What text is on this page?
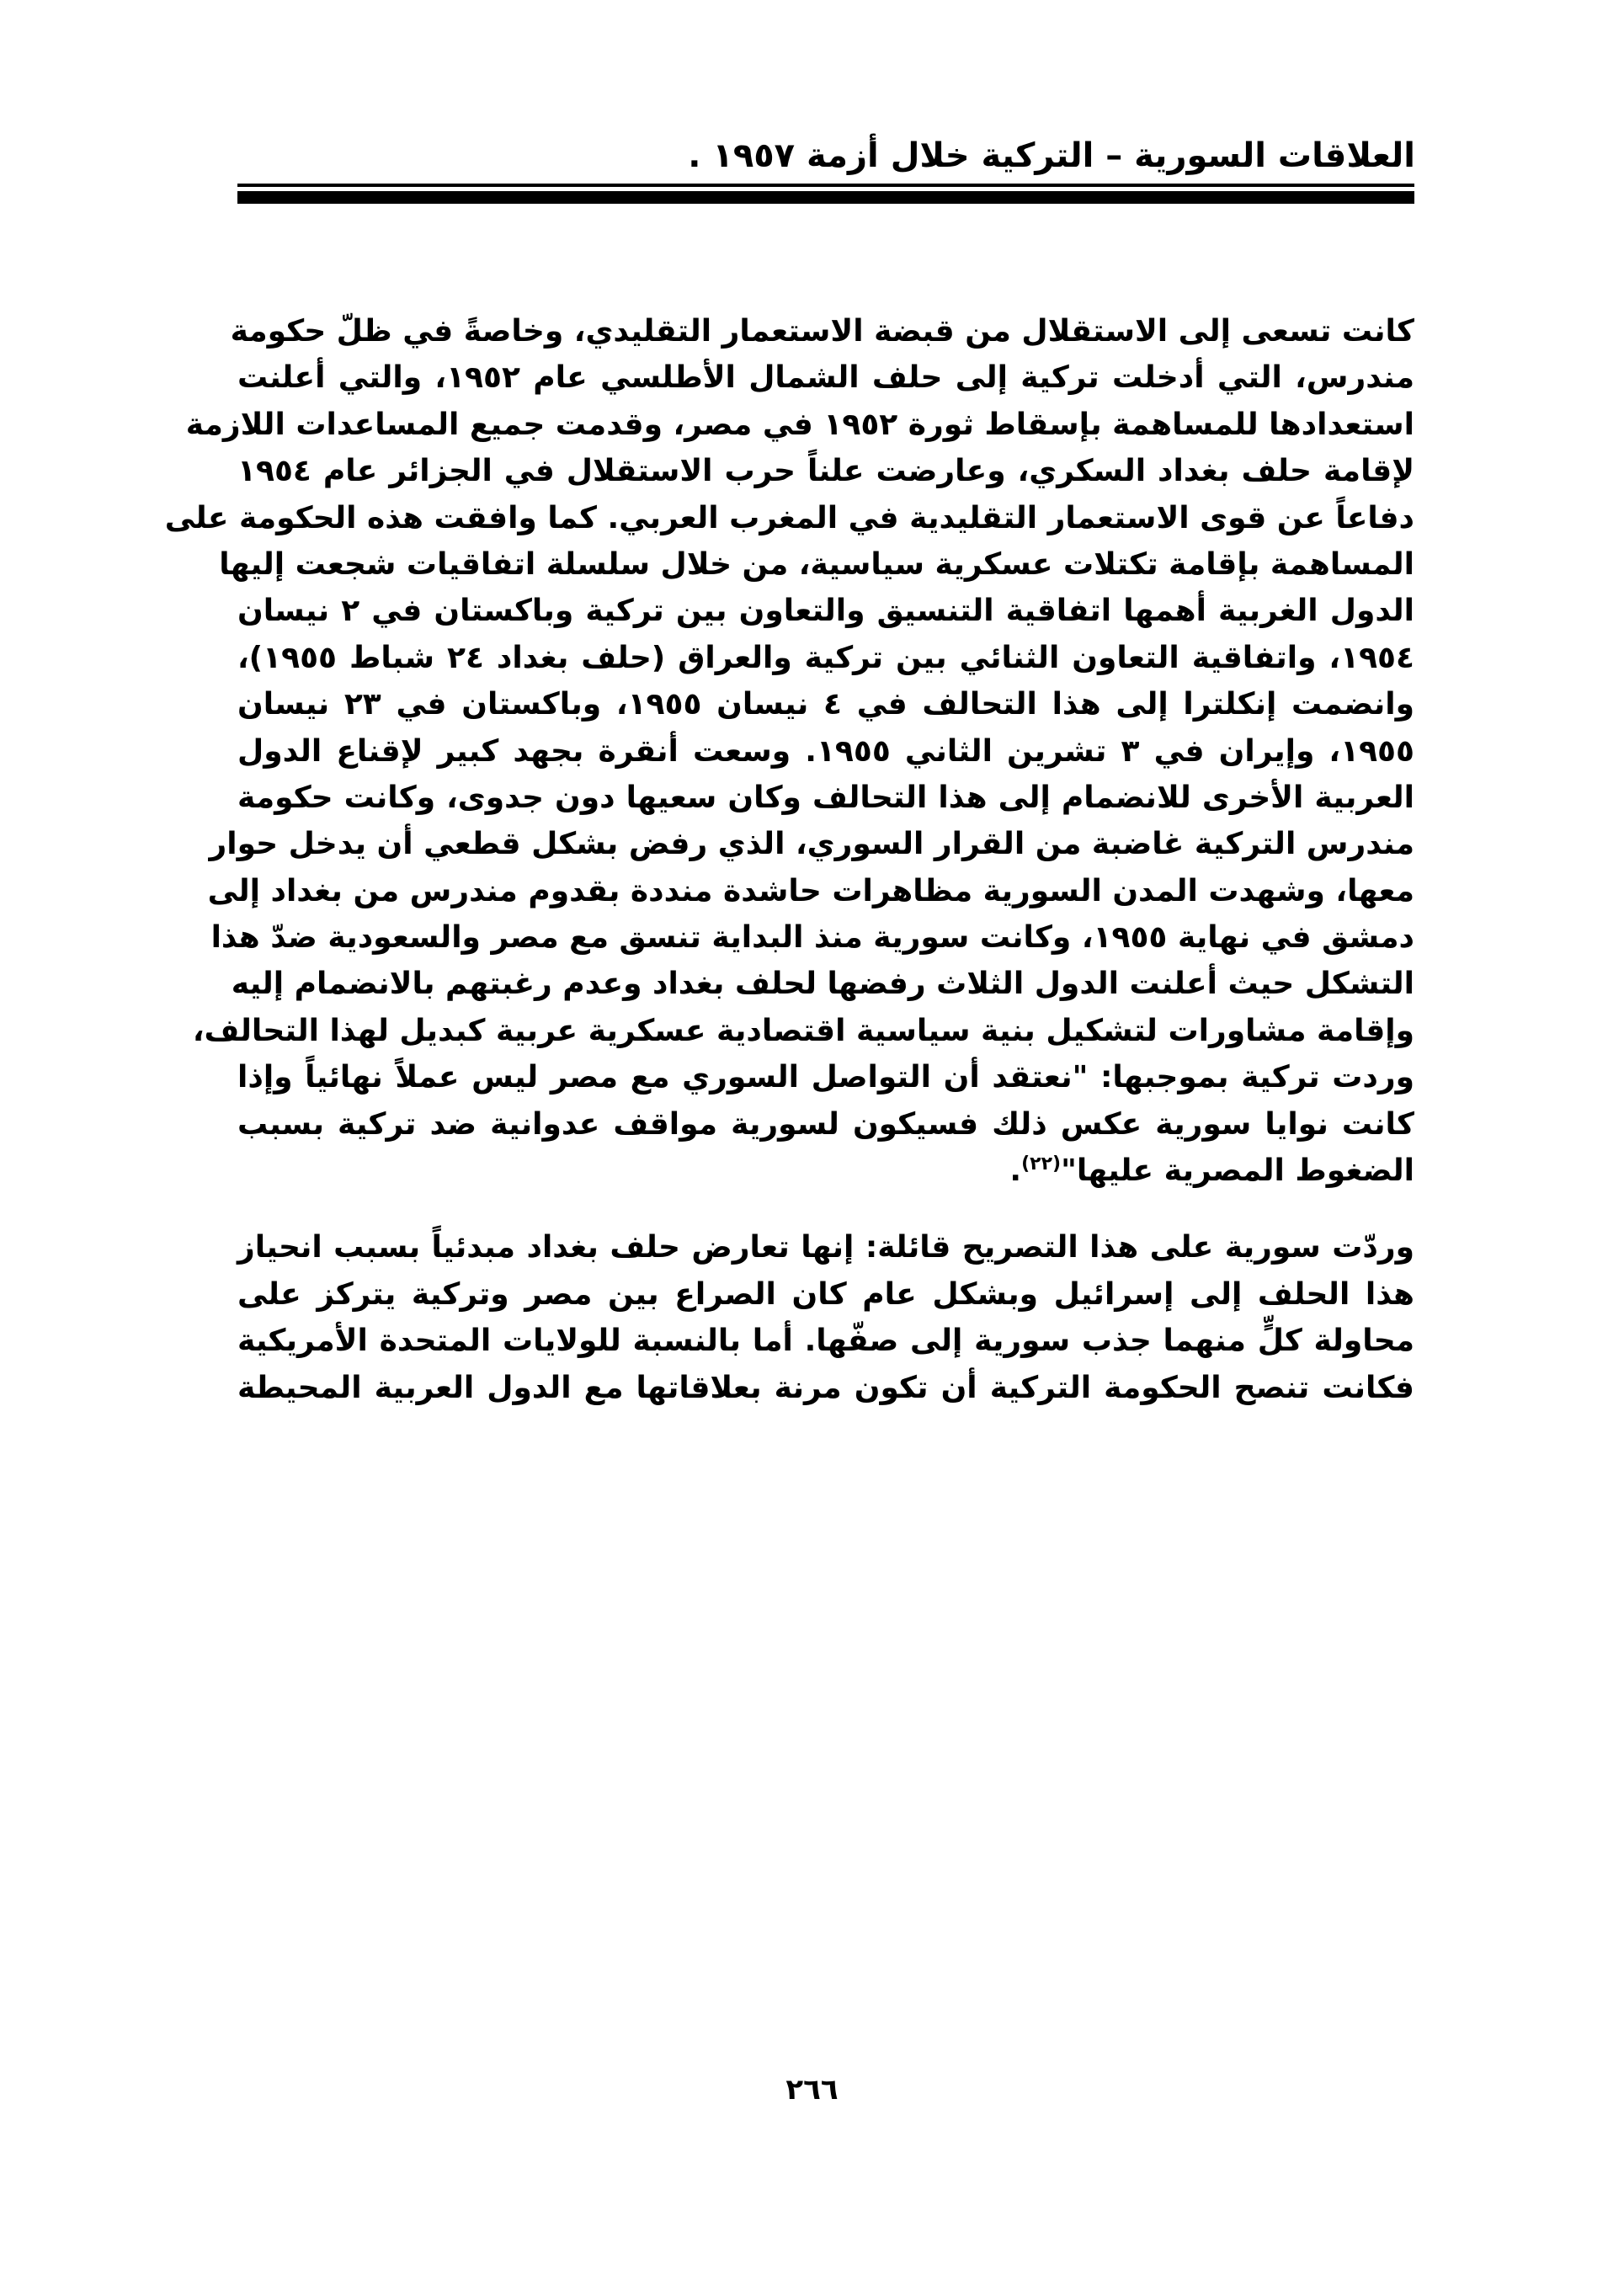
العلاقات السورية – التركية خلال أزمة ١٩٥٧ .
كانت تسعى إلى الاستقلال من قبضة الاستعمار التقليدي، وخاصةً في ظلّ حكومة
مندرس، التي أدخلت تركية إلى حلف الشمال الأطلسي عام ١٩٥٢، والتي أعلنت
استعدادها للمساهمة بإسقاط ثورة ١٩٥٢ في مصر، وقدمت جميع المساعدات اللازمة
لإقامة حلف بغداد السكري، وعارضت علناً حرب الاستقلال في الجزائر عام ١٩٥٤
دفاعاً عن قوى الاستعمار التقليدية في المغرب العربي. كما وافقت هذه الحكومة على
المساهمة بإقامة تكتلات عسكرية سياسية، من خلال سلسلة اتفاقيات شجعت إليها
الدول الغربية أهمها اتفاقية التنسيق والتعاون بين تركية وباكستان في ٢ نيسان
١٩٥٤، واتفاقية التعاون الثنائي بين تركية والعراق (حلف بغداد ٢٤ شباط ١٩٥٥)،
وانضمت إنكلترا إلى هذا التحالف في ٤ نيسان ١٩٥٥، وباكستان في ٢٣ نيسان
١٩٥٥، وإيران في ٣ تشرين الثاني ١٩٥٥. وسعت أنقرة بجهد كبير لإقناع الدول
العربية الأخرى للانضمام إلى هذا التحالف وكان سعيها دون جدوى، وكانت حكومة
مندرس التركية غاضبة من القرار السوري، الذي رفض بشكل قطعي أن يدخل حوار
معها، وشهدت المدن السورية مظاهرات حاشدة منددة بقدوم مندرس من بغداد إلى
دمشق في نهاية ١٩٥٥، وكانت سورية منذ البداية تنسق مع مصر والسعودية ضدّ هذا
التشكل حيث أعلنت الدول الثلاث رفضها لحلف بغداد وعدم رغبتهم بالانضمام إليه
وإقامة مشاورات لتشكيل بنية سياسية اقتصادية عسكرية عربية كبديل لهذا التحالف،
وردت تركية بموجبها: "نعتقد أن التواصل السوري مع مصر ليس عملاً نهائياً وإذا
كانت نوايا سورية عكس ذلك فسيكون لسورية مواقف عدوانية ضد تركية بسبب
الضغوط المصرية عليها"$^{(٢٢)}$.
وردّت سورية على هذا التصريح قائلة: إنها تعارض حلف بغداد مبدئياً بسبب انحياز
هذا الحلف إلى إسرائيل وبشكل عام كان الصراع بين مصر وتركية يتركز على
محاولة كلٍّ منهما جذب سورية إلى صفّها. أما بالنسبة للولايات المتحدة الأمريكية
فكانت تنصح الحكومة التركية أن تكون مرنة بعلاقاتها مع الدول العربية المحيطة
٢٦٦
